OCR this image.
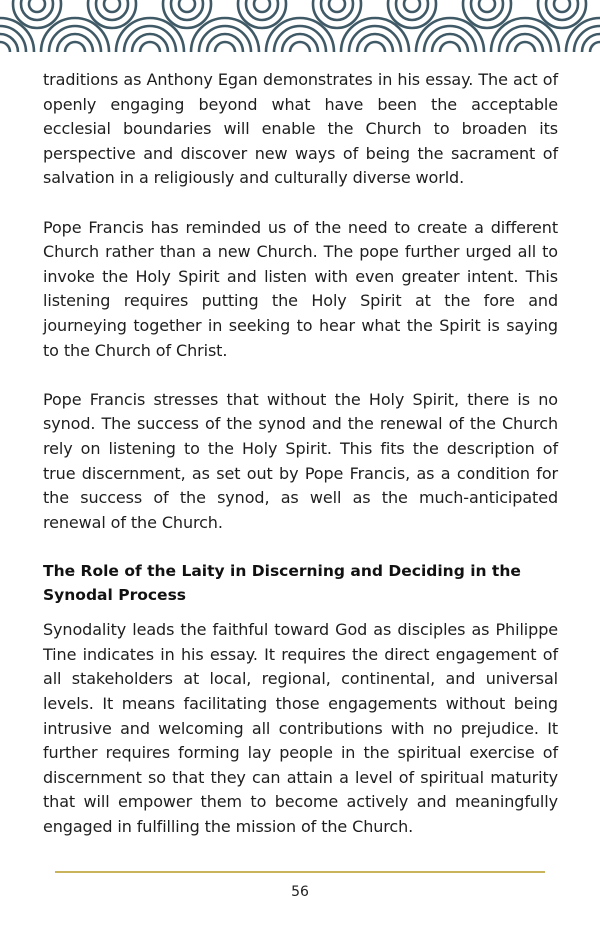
traditions as Anthony Egan demonstrates in his essay. The act of openly engaging beyond what have been the acceptable ecclesial boundaries will enable the Church to broaden its perspective and discover new ways of being the sacrament of salvation in a religiously and culturally diverse world.

Pope Francis has reminded us of the need to create a different Church rather than a new Church. The pope further urged all to invoke the Holy Spirit and listen with even greater intent. This listening requires putting the Holy Spirit at the fore and journeying together in seeking to hear what the Spirit is saying to the Church of Christ.

Pope Francis stresses that without the Holy Spirit, there is no synod. The success of the synod and the renewal of the Church rely on listening to the Holy Spirit. This fits the description of true discernment, as set out by Pope Francis, as a condition for the success of the synod, as well as the much-anticipated renewal of the Church.

The Role of the Laity in Discerning and Deciding in the Synodal Process

Synodality leads the faithful toward God as disciples as Philippe Tine indicates in his essay. It requires the direct engagement of all stakeholders at local, regional, continental, and universal levels. It means facilitating those engagements without being intrusive and welcoming all contributions with no prejudice. It further requires forming lay people in the spiritual exercise of discernment so that they can attain a level of spiritual maturity that will empower them to become actively and meaningfully engaged in fulfilling the mission of the Church.

56
